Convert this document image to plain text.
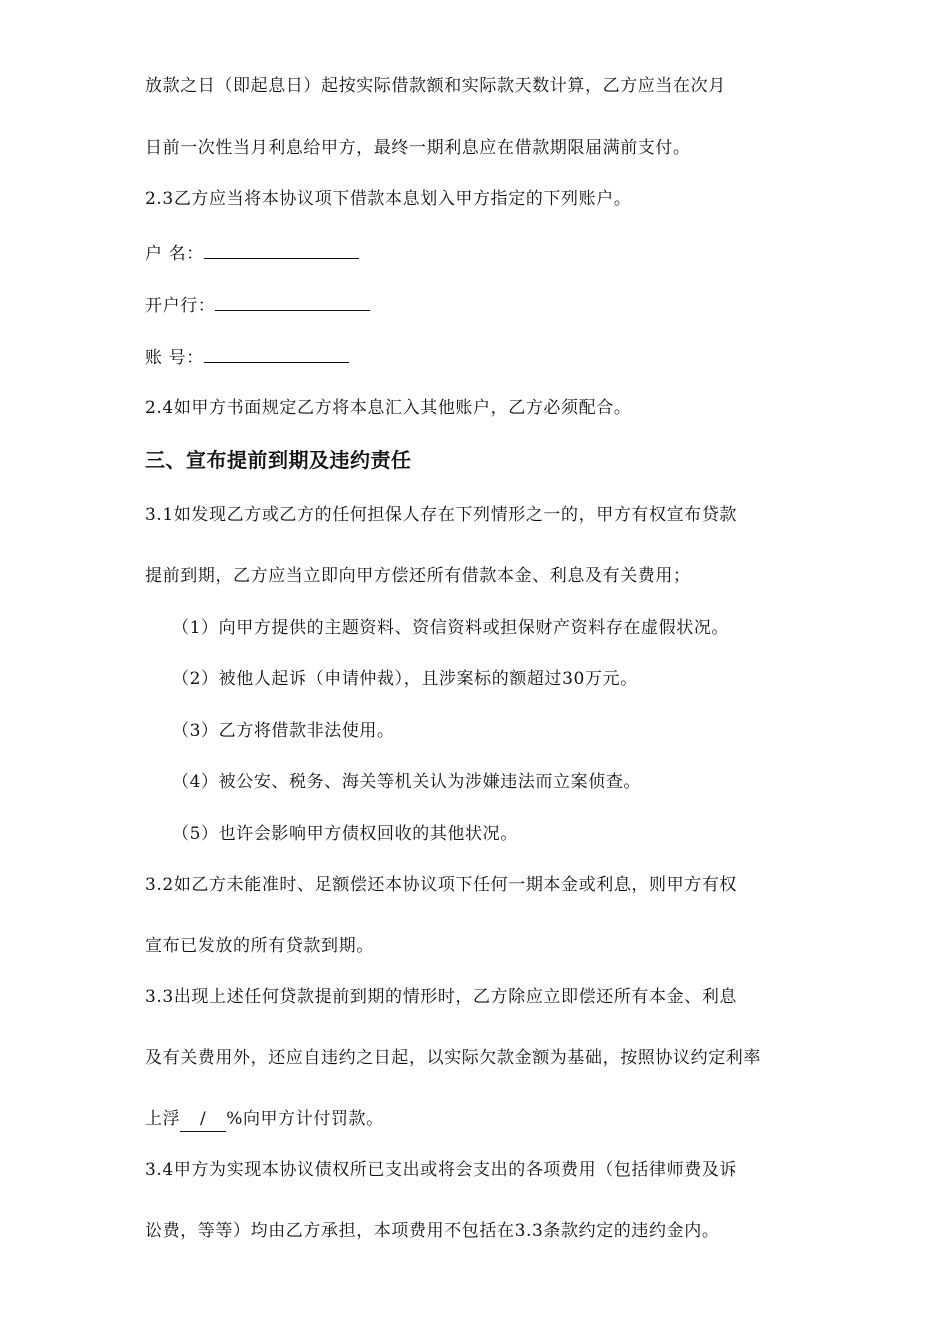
放款之日（即起息日）起按实际借款额和实际款天数计算，乙方应当在次月
日前一次性当月利息给甲方，最终一期利息应在借款期限届满前支付。
2.3乙方应当将本协议项下借款本息划入甲方指定的下列账户。
户 名：
开户行：
账 号：
2.4如甲方书面规定乙方将本息汇入其他账户，乙方必须配合。
三、宣布提前到期及违约责任
3.1如发现乙方或乙方的任何担保人存在下列情形之一的，甲方有权宣布贷款
提前到期，乙方应当立即向甲方偿还所有借款本金、利息及有关费用；
（1）向甲方提供的主题资料、资信资料或担保财产资料存在虚假状况。
（2）被他人起诉（申请仲裁），且涉案标的额超过30万元。
（3）乙方将借款非法使用。
（4）被公安、税务、海关等机关认为涉嫌违法而立案侦查。
（5）也许会影响甲方债权回收的其他状况。
3.2如乙方未能准时、足额偿还本协议项下任何一期本金或利息，则甲方有权
宣布已发放的所有贷款到期。
3.3出现上述任何贷款提前到期的情形时，乙方除应立即偿还所有本金、利息
及有关费用外，还应自违约之日起，以实际欠款金额为基础，按照协议约定利率
上浮 / %向甲方计付罚款。
3.4甲方为实现本协议债权所已支出或将会支出的各项费用（包括律师费及诉
讼费，等等）均由乙方承担，本项费用不包括在3.3条款约定的违约金内。
